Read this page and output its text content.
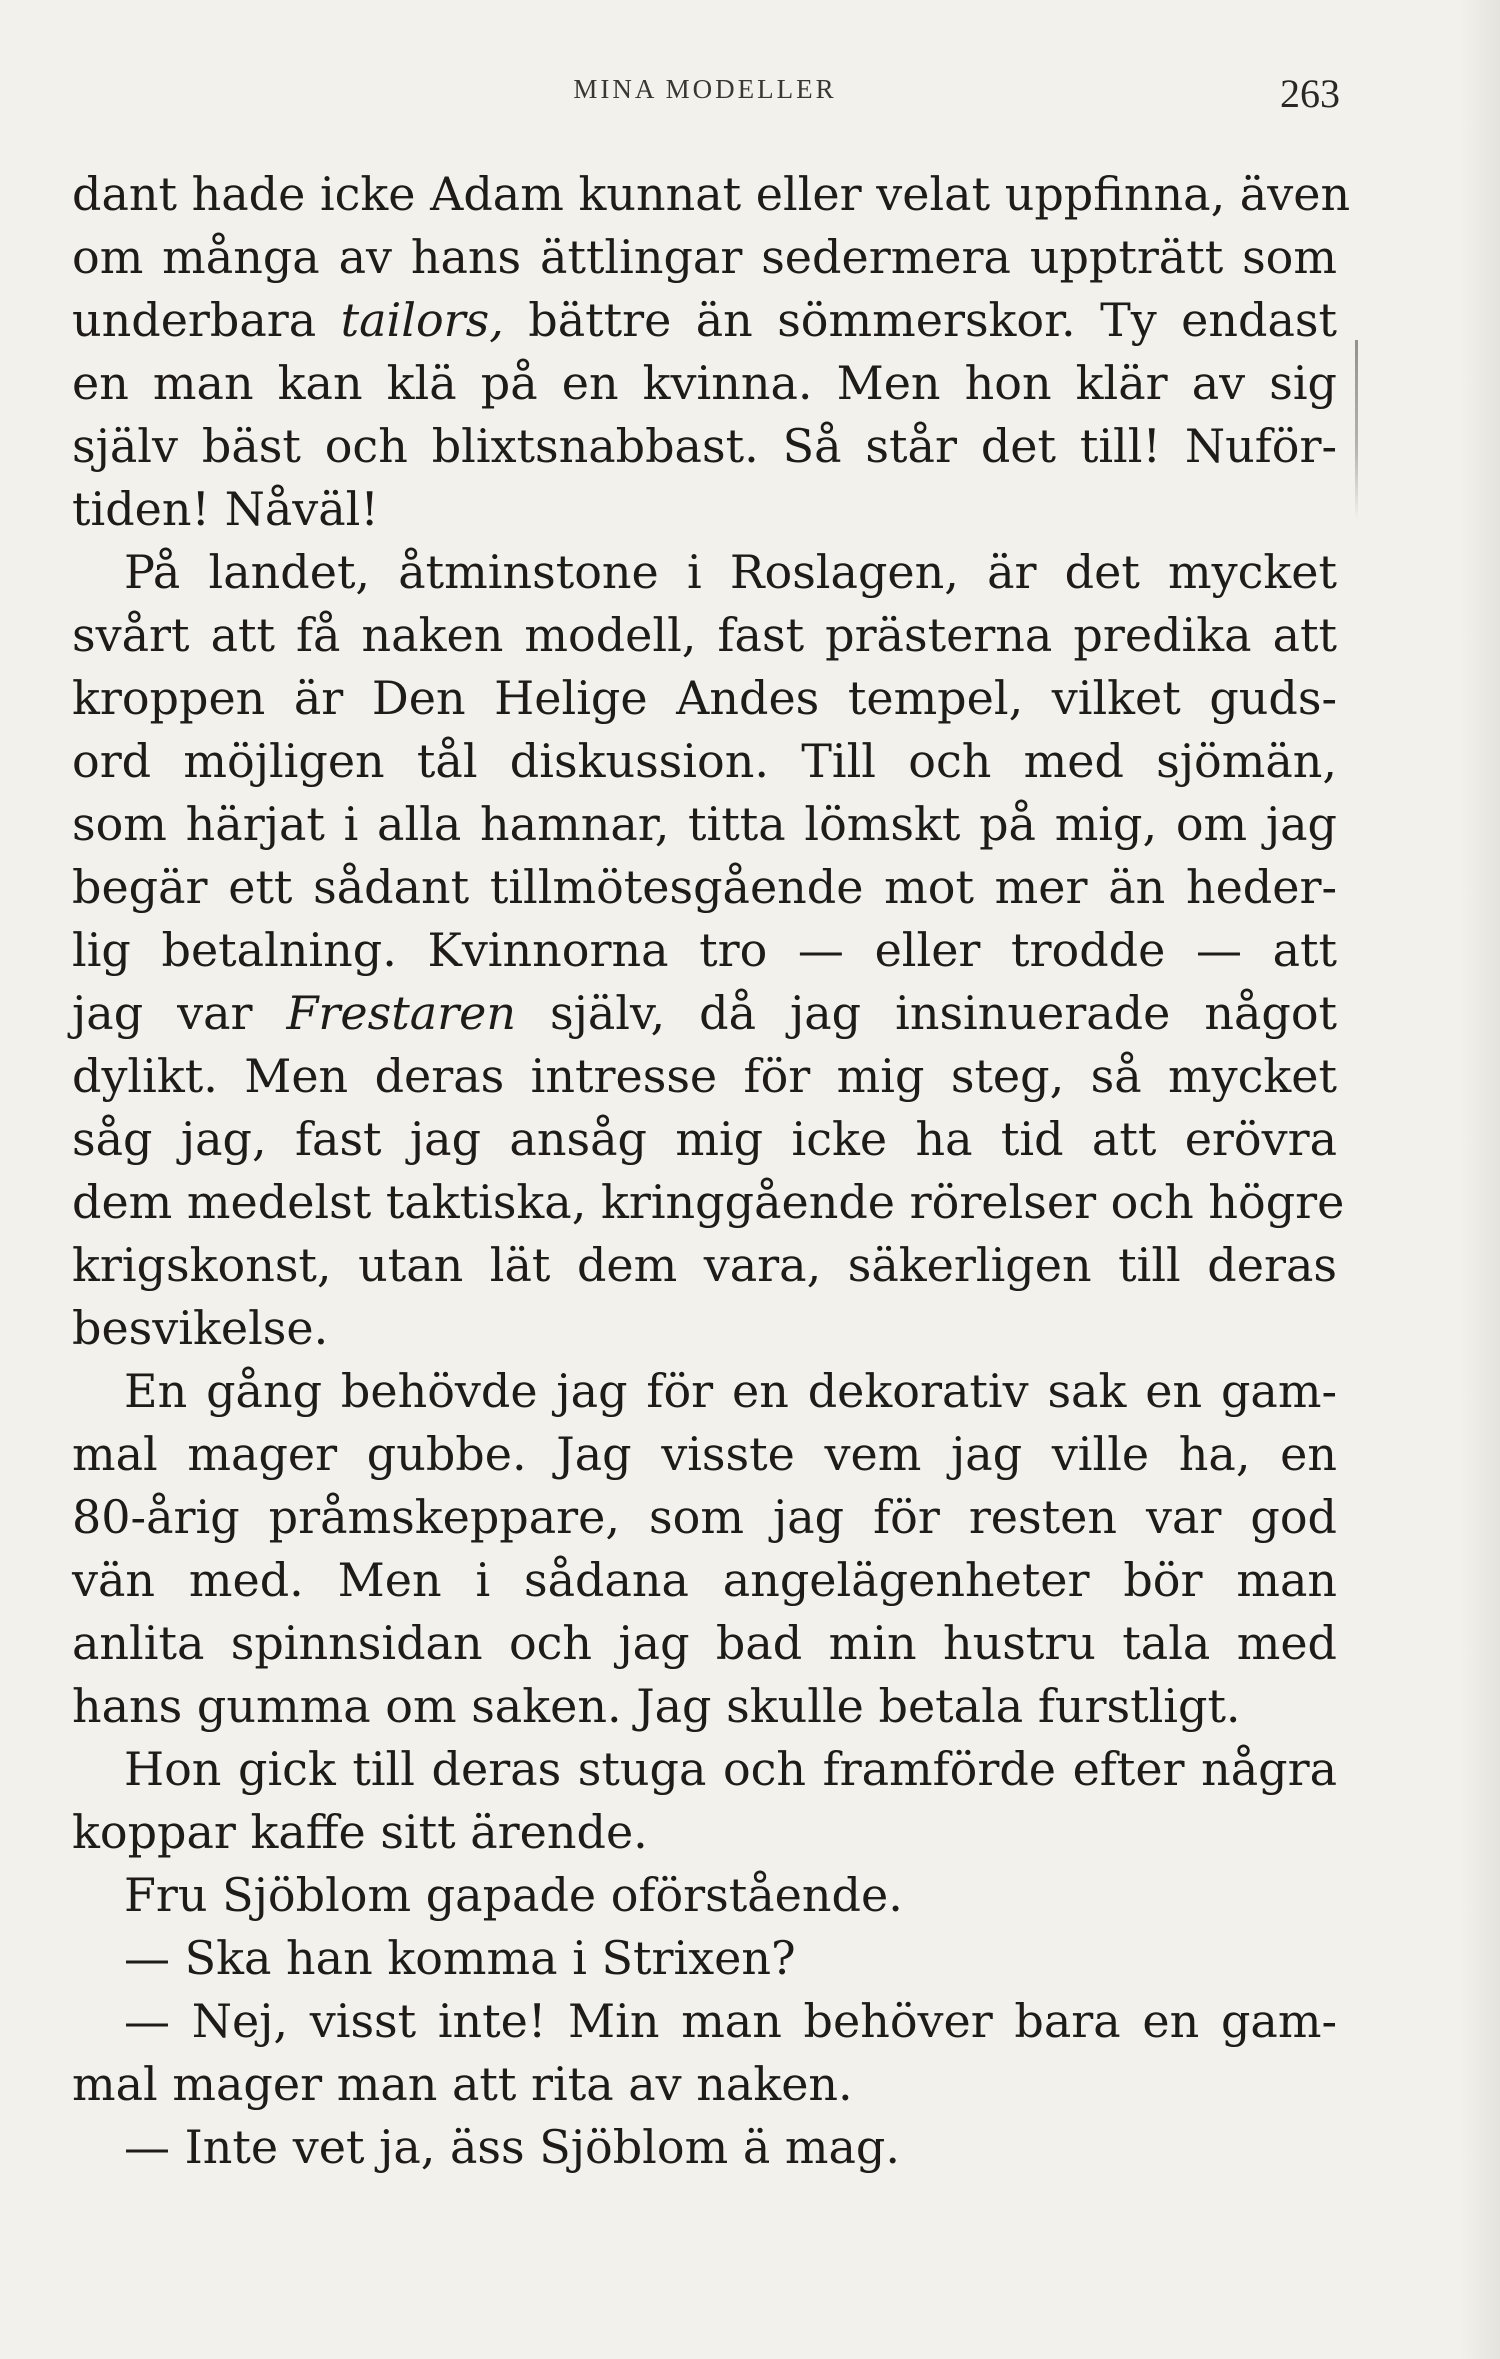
MINA MODELLER	263
dant hade icke Adam kunnat eller velat uppfinna, även
om många av hans ättlingar sedermera uppträtt som
underbara tailors, bättre än sömmerskor. Ty endast
en man kan klä på en kvinna. Men hon klär av sig
själv bäst och blixtsnabbast. Så står det till! Nuför-
tiden! Nåväl!
På landet, åtminstone i Roslagen, är det mycket
svårt att få naken modell, fast prästerna predika att
kroppen är Den Helige Andes tempel, vilket guds-
ord möjligen tål diskussion. Till och med sjömän,
som härjat i alla hamnar, titta lömskt på mig, om jag
begär ett sådant tillmötesgående mot mer än heder-
lig betalning. Kvinnorna tro — eller trodde — att
jag var Frestaren själv, då jag insinuerade något
dylikt. Men deras intresse för mig steg, så mycket
såg jag, fast jag ansåg mig icke ha tid att erövra
dem medelst taktiska, kringgående rörelser och högre
krigskonst, utan lät dem vara, säkerligen till deras
besvikelse.
En gång behövde jag för en dekorativ sak en gam-
mal mager gubbe. Jag visste vem jag ville ha, en
80-årig pråmskeppare, som jag för resten var god
vän med. Men i sådana angelägenheter bör man
anlita spinnsidan och jag bad min hustru tala med
hans gumma om saken. Jag skulle betala furstligt.
Hon gick till deras stuga och framförde efter några
koppar kaffe sitt ärende.
Fru Sjöblom gapade oförstående.
— Ska han komma i Strixen?
— Nej, visst inte! Min man behöver bara en gam-
mal mager man att rita av naken.
— Inte vet ja, äss Sjöblom ä mag.
